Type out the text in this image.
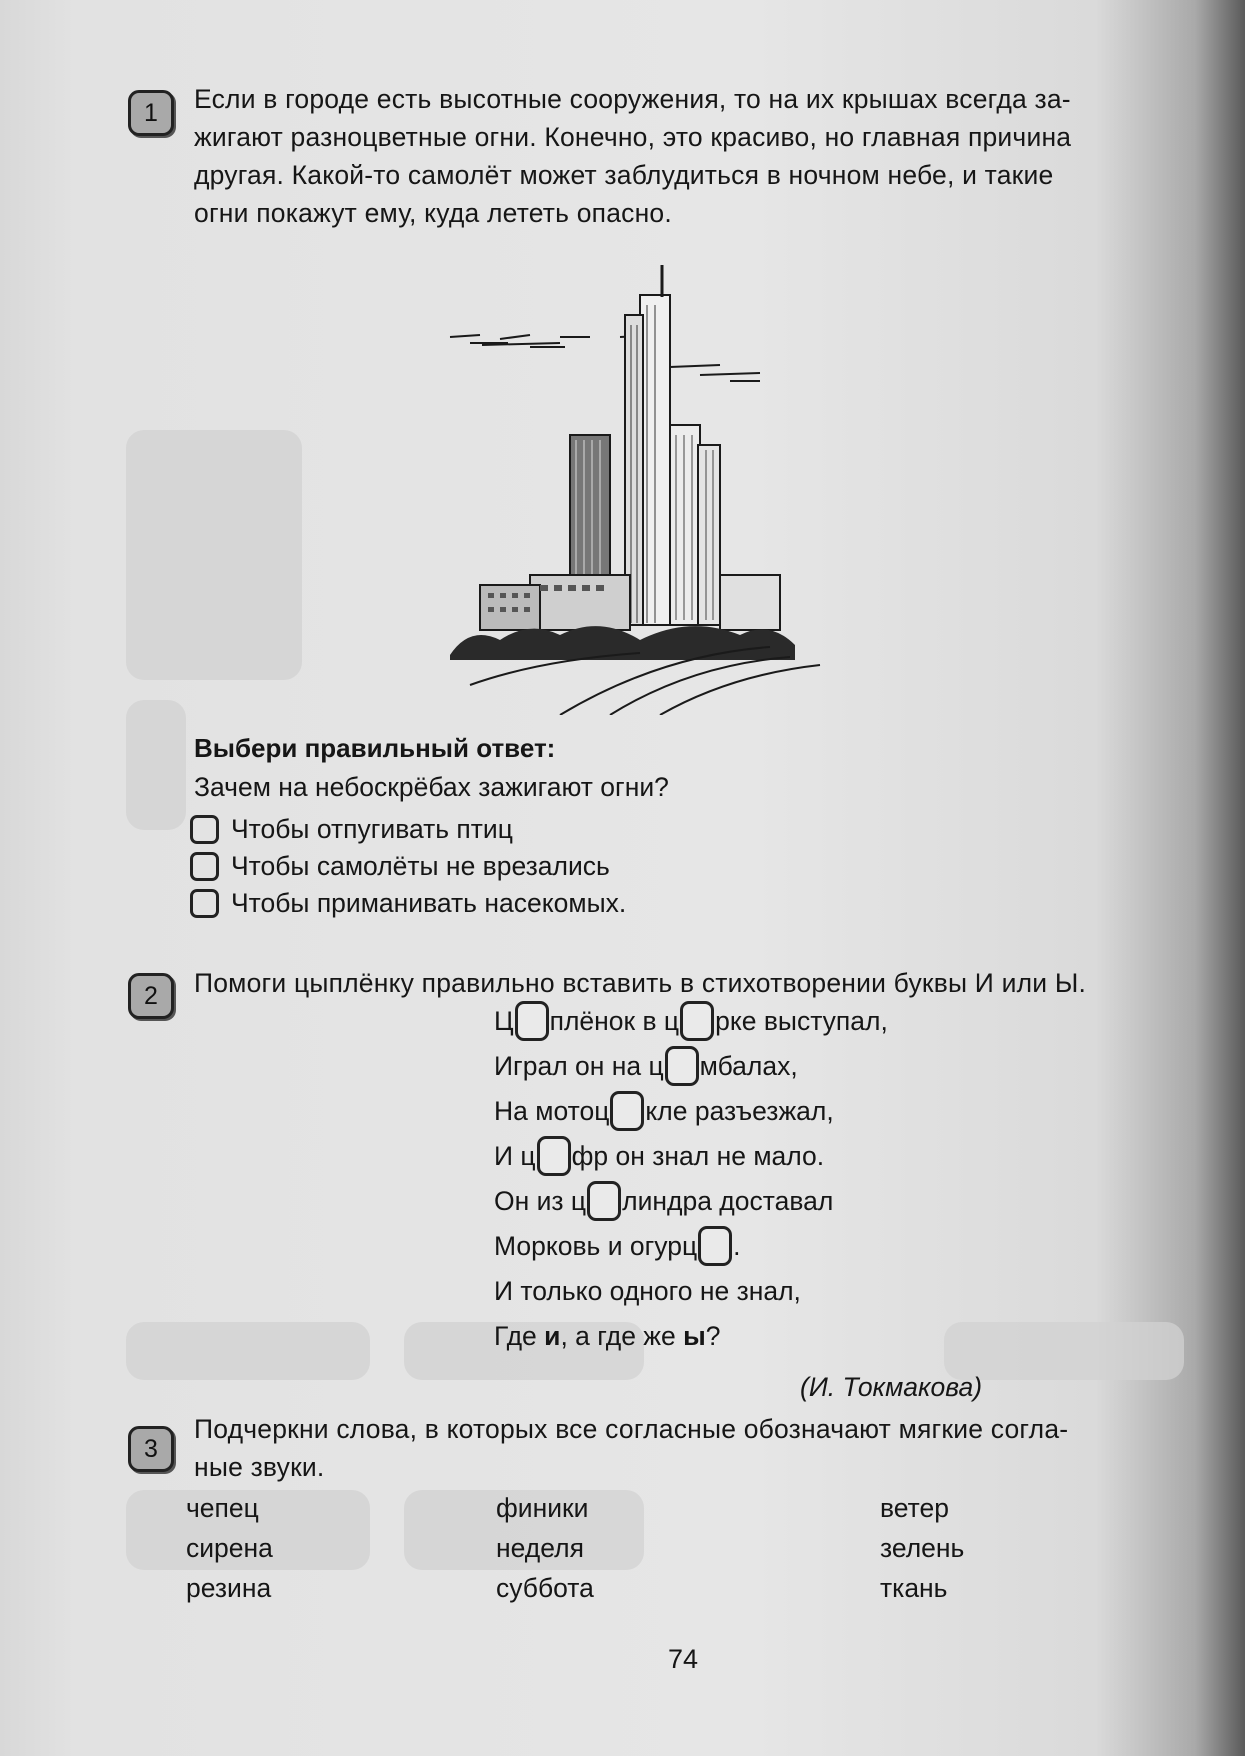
1 Если в городе есть высотные сооружения, то на их крышах всегда за-
жигают разноцветные огни. Конечно, это красиво, но главная причина
другая. Какой-то самолёт может заблудиться в ночном небе, и такие
огни покажут ему, куда лететь опасно.
Выбери правильный ответ:
Зачем на небоскрёбах зажигают огни?
Чтобы отпугивать птиц
Чтобы самолёты не врезались
Чтобы приманивать насекомых.
2 Помоги цыплёнку правильно вставить в стихотворении буквы И или Ы.
Ц плёнок в ц рке выступал,
Играл он на ц мбалах,
На мотоц кле разъезжал,
И ц фр он знал не мало.
Он из ц линдра доставал
Морковь и огурц .
И только одного не знал,
Где и , а где же ы ?
(И. Токмакова)
3
Подчеркни слова, в которых все согласные обозначают мягкие согла-
ные звуки.
чепец
сирена
резина
финики
неделя
суббота
ветер
зелень
ткань
74
